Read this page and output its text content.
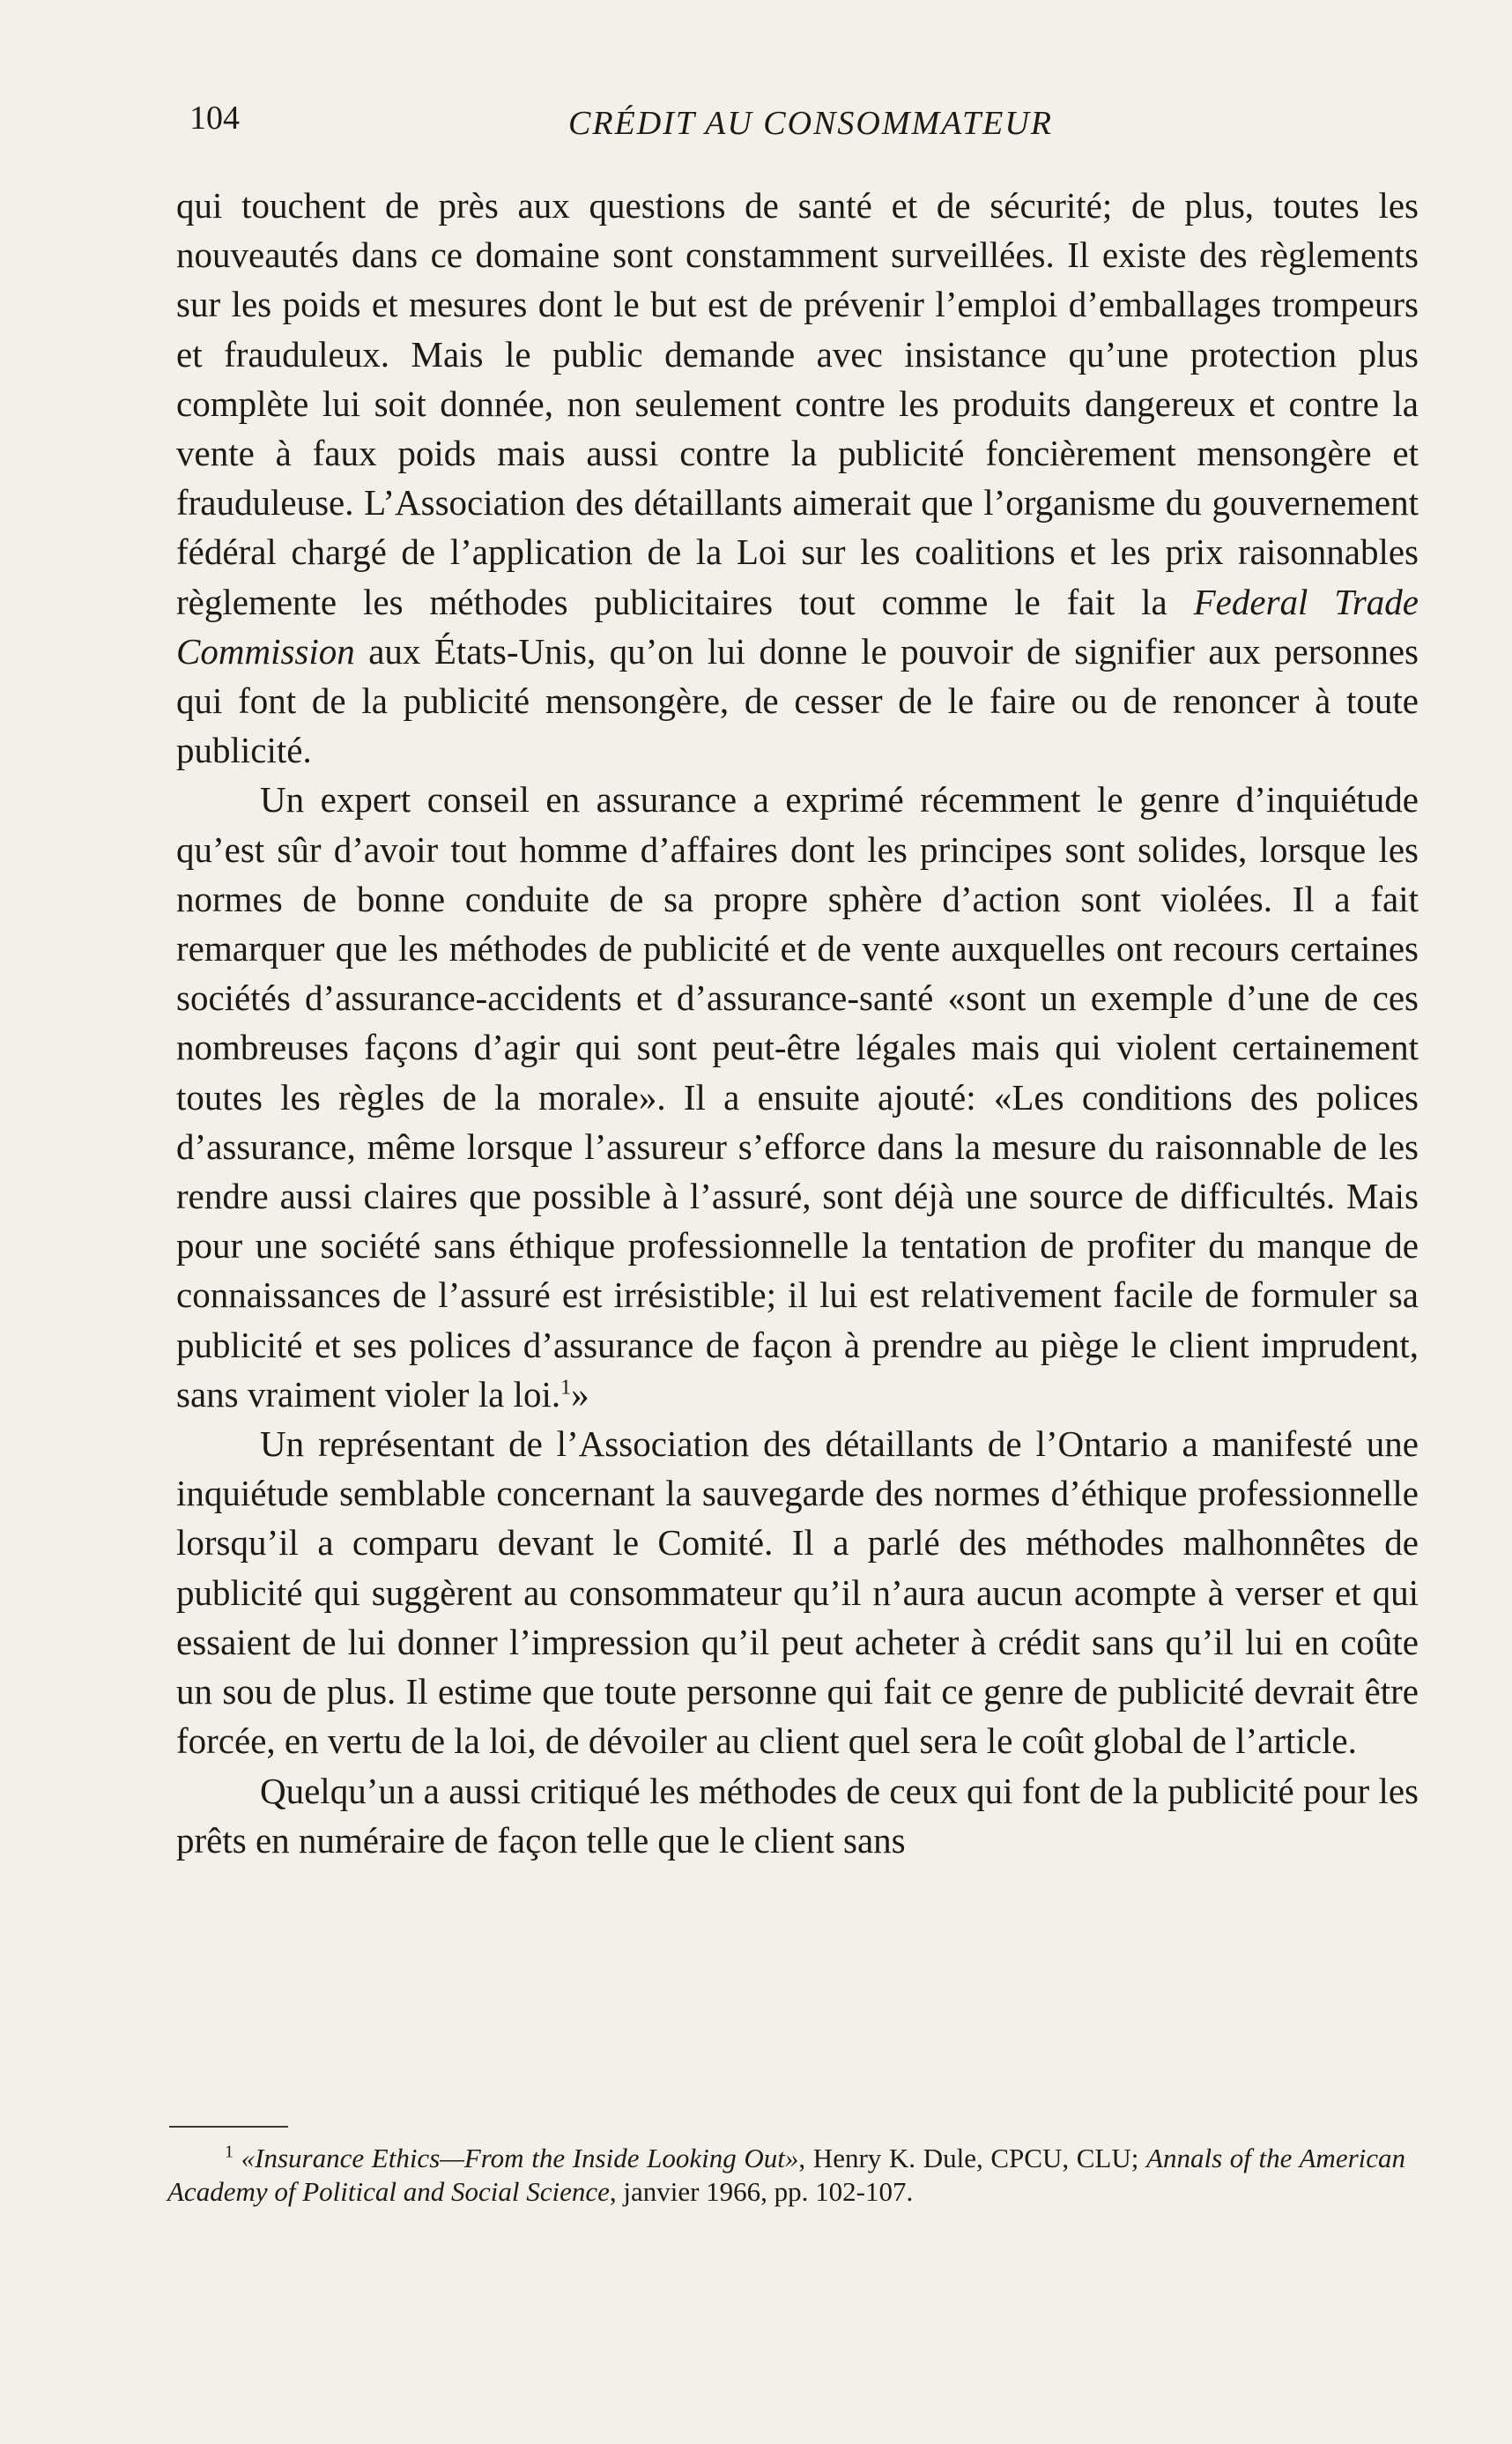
104	CRÉDIT AU CONSOMMATEUR

qui touchent de près aux questions de santé et de sécurité; de plus, toutes les nouveautés dans ce domaine sont constamment surveillées. Il existe des règlements sur les poids et mesures dont le but est de prévenir l’emploi d’emballages trompeurs et frauduleux. Mais le public demande avec insistance qu’une protection plus complète lui soit donnée, non seulement contre les produits dangereux et contre la vente à faux poids mais aussi contre la publicité foncièrement mensongère et frauduleuse. L’Association des détaillants aimerait que l’organisme du gouvernement fédéral chargé de l’application de la Loi sur les coalitions et les prix raisonnables règlemente les méthodes publicitaires tout comme le fait la Federal Trade Commission aux États-Unis, qu’on lui donne le pouvoir de signifier aux personnes qui font de la publicité mensongère, de cesser de le faire ou de renoncer à toute publicité.

Un expert conseil en assurance a exprimé récemment le genre d’inquiétude qu’est sûr d’avoir tout homme d’affaires dont les principes sont solides, lorsque les normes de bonne conduite de sa propre sphère d’action sont violées. Il a fait remarquer que les méthodes de publicité et de vente auxquelles ont recours certaines sociétés d’assurance-accidents et d’assurance-santé «sont un exemple d’une de ces nombreuses façons d’agir qui sont peut-être légales mais qui violent certainement toutes les règles de la morale». Il a ensuite ajouté: «Les conditions des polices d’assurance, même lorsque l’assureur s’efforce dans la mesure du raisonnable de les rendre aussi claires que possible à l’assuré, sont déjà une source de difficultés. Mais pour une société sans éthique professionnelle la tentation de profiter du manque de connaissances de l’assuré est irrésistible; il lui est relativement facile de formuler sa publicité et ses polices d’assurance de façon à prendre au piège le client imprudent, sans vraiment violer la loi.$^1$»

Un représentant de l’Association des détaillants de l’Ontario a manifesté une inquiétude semblable concernant la sauvegarde des normes d’éthique professionnelle lorsqu’il a comparu devant le Comité. Il a parlé des méthodes malhonnêtes de publicité qui suggèrent au consommateur qu’il n’aura aucun acompte à verser et qui essaient de lui donner l’impression qu’il peut acheter à crédit sans qu’il lui en coûte un sou de plus. Il estime que toute personne qui fait ce genre de publicité devrait être forcée, en vertu de la loi, de dévoiler au client quel sera le coût global de l’article.

Quelqu’un a aussi critiqué les méthodes de ceux qui font de la publicité pour les prêts en numéraire de façon telle que le client sans

$^1$ «Insurance Ethics—From the Inside Looking Out», Henry K. Dule, CPCU, CLU; Annals of the American Academy of Political and Social Science, janvier 1966, pp. 102-107.
